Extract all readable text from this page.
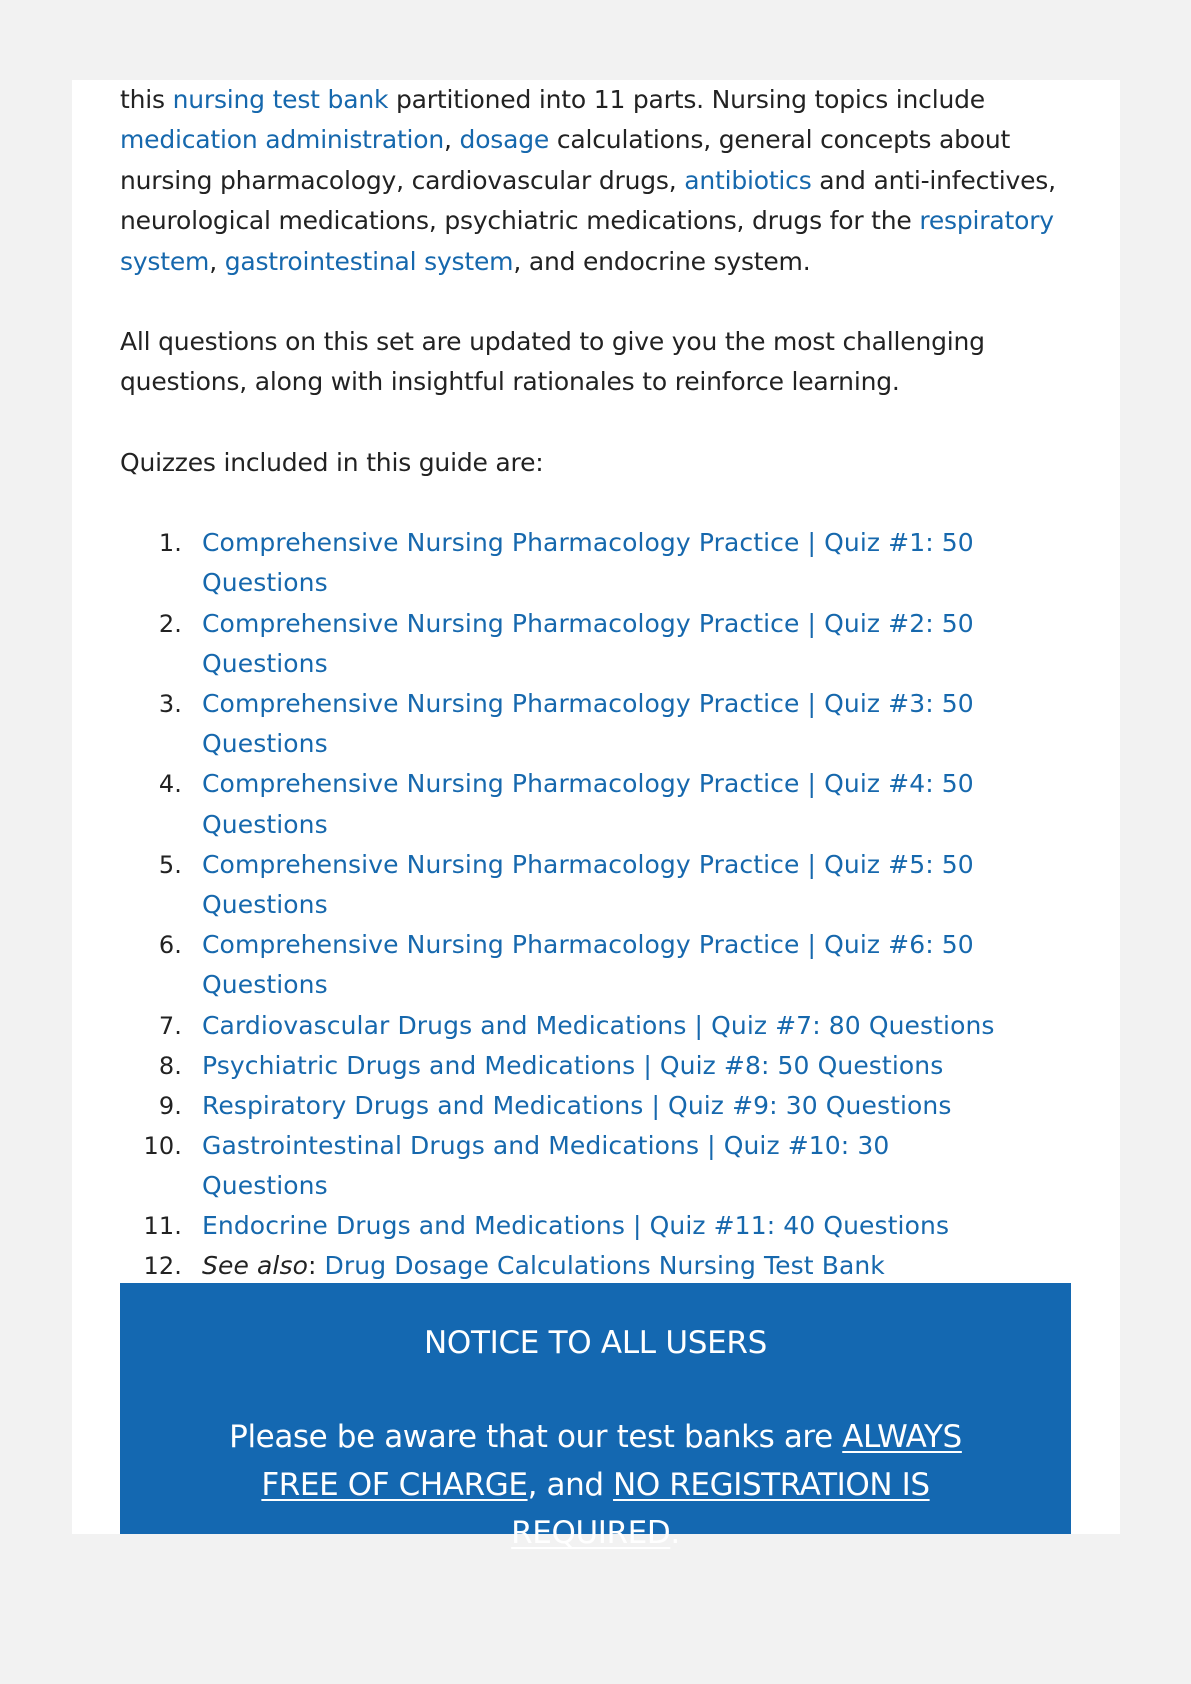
this nursing test bank partitioned into 11 parts. Nursing topics include medication administration, dosage calculations, general concepts about nursing pharmacology, cardiovascular drugs, antibiotics and anti-infectives, neurological medications, psychiatric medications, drugs for the respiratory system, gastrointestinal system, and endocrine system.

All questions on this set are updated to give you the most challenging questions, along with insightful rationales to reinforce learning.

Quizzes included in this guide are:

1. Comprehensive Nursing Pharmacology Practice | Quiz #1: 50 Questions
2. Comprehensive Nursing Pharmacology Practice | Quiz #2: 50 Questions
3. Comprehensive Nursing Pharmacology Practice | Quiz #3: 50 Questions
4. Comprehensive Nursing Pharmacology Practice | Quiz #4: 50 Questions
5. Comprehensive Nursing Pharmacology Practice | Quiz #5: 50 Questions
6. Comprehensive Nursing Pharmacology Practice | Quiz #6: 50 Questions
7. Cardiovascular Drugs and Medications | Quiz #7: 80 Questions
8. Psychiatric Drugs and Medications | Quiz #8: 50 Questions
9. Respiratory Drugs and Medications | Quiz #9: 30 Questions
10. Gastrointestinal Drugs and Medications | Quiz #10: 30 Questions
11. Endocrine Drugs and Medications | Quiz #11: 40 Questions
12. See also: Drug Dosage Calculations Nursing Test Bank

NOTICE TO ALL USERS

Please be aware that our test banks are ALWAYS FREE OF CHARGE, and NO REGISTRATION IS REQUIRED.
